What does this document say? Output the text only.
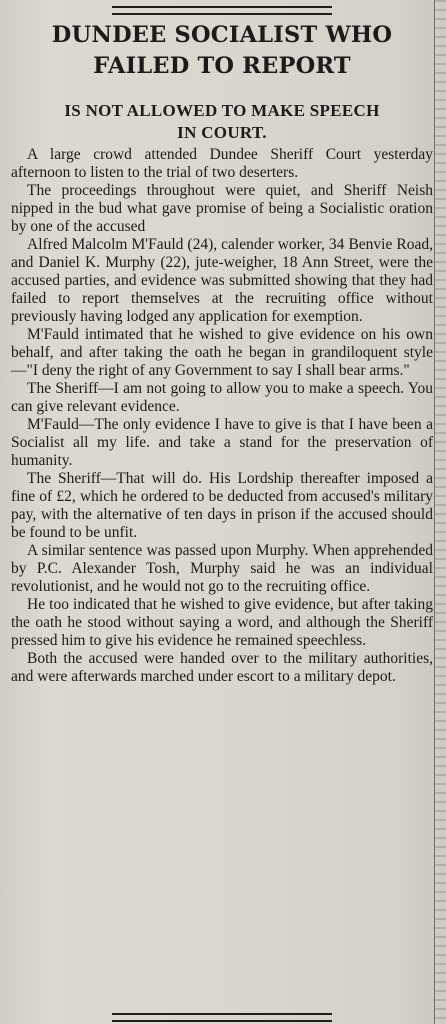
DUNDEE SOCIALIST WHO
FAILED TO REPORT
IS NOT ALLOWED TO MAKE SPEECH
IN COURT.

A large crowd attended Dundee Sheriff Court yesterday afternoon to listen to the trial of two deserters.

The proceedings throughout were quiet, and Sheriff Neish nipped in the bud what gave promise of being a Socialistic oration by one of the accused

Alfred Malcolm M'Fauld (24), calender worker, 34 Benvie Road, and Daniel K. Murphy (22), jute-weigher, 18 Ann Street, were the accused parties, and evidence was submitted showing that they had failed to report themselves at the recruiting office without previously having lodged any application for exemption.

M'Fauld intimated that he wished to give evidence on his own behalf, and after taking the oath he began in grandiloquent style—"I deny the right of any Government to say I shall bear arms."

The Sheriff—I am not going to allow you to make a speech. You can give relevant evidence.

M'Fauld—The only evidence I have to give is that I have been a Socialist all my life. and take a stand for the preservation of humanity.

The Sheriff—That will do. His Lordship thereafter imposed a fine of £2, which he ordered to be deducted from accused's military pay, with the alternative of ten days in prison if the accused should be found to be unfit.

A similar sentence was passed upon Murphy. When apprehended by P.C. Alexander Tosh, Murphy said he was an individual revolutionist, and he would not go to the recruiting office.

He too indicated that he wished to give evidence, but after taking the oath he stood without saying a word, and although the Sheriff pressed him to give his evidence he remained speechless.

Both the accused were handed over to the military authorities, and were afterwards marched under escort to a military depot.
